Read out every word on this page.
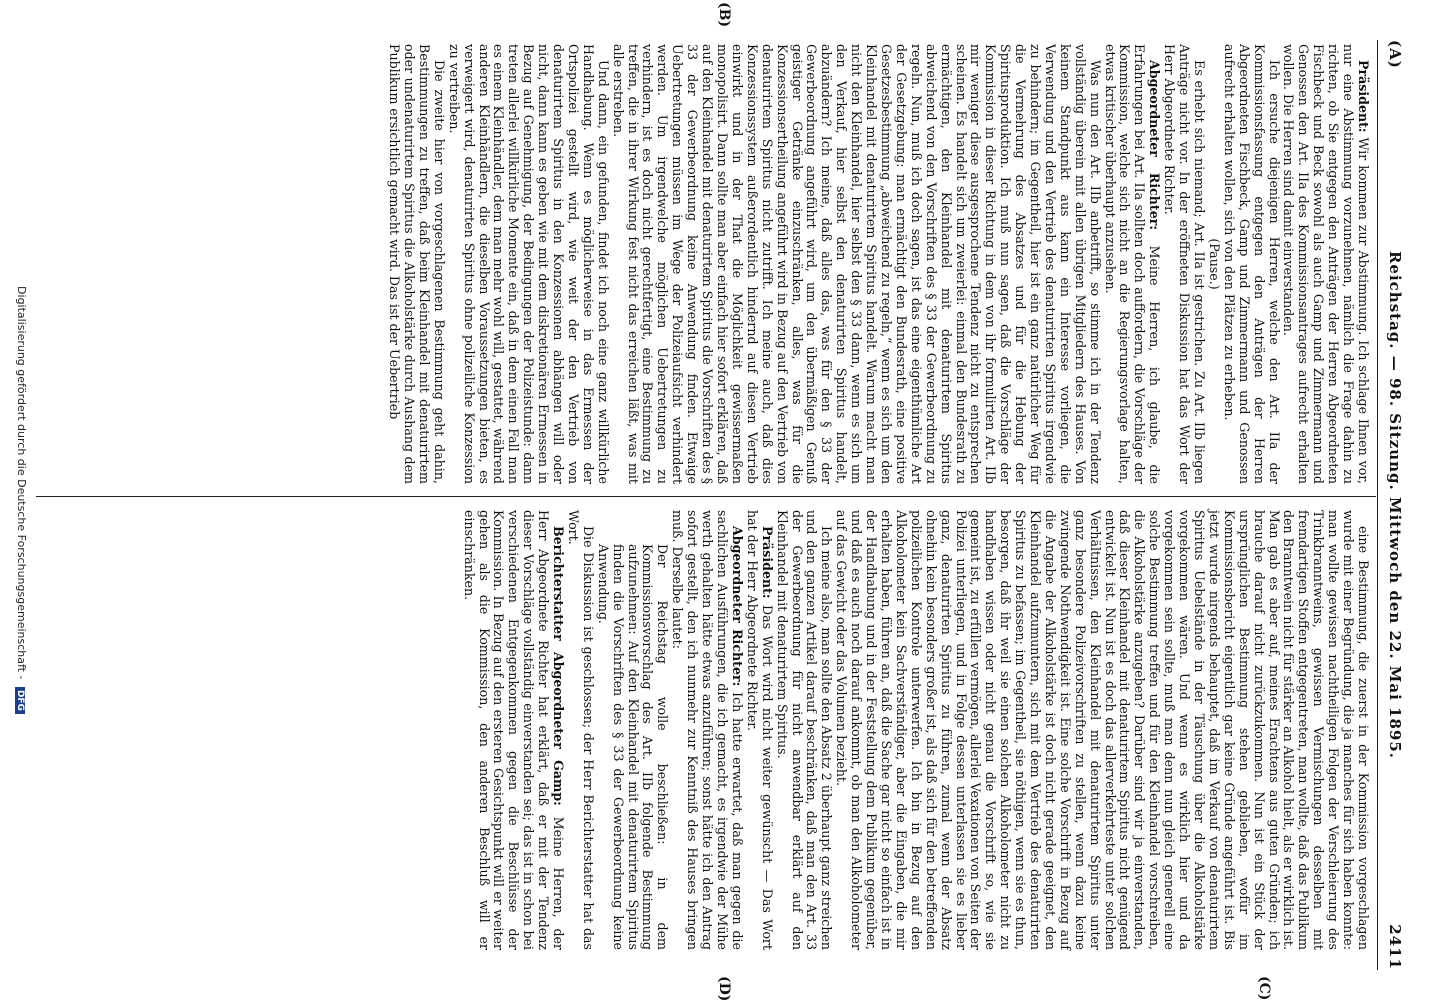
(A)
Reichstag. — 98. Sitzung. Mittwoch den 22. Mai 1895.
2411
(B)
(C)
(D)

Präsident: Wir kommen zur Abstimmung. Ich schlage Ihnen vor, nur eine Abstimmung vorzunehmen, nämlich die Frage dahin zu richten, ob Sie entgegen den Anträgen der Herren Abgeordneten Fischbeck und Beck sowohl als auch Gamp und Zimmermann und Genossen den Art. IIa des Kommissionsantrages aufrecht erhalten wollen. Die Herren sind damit einverstanden.

Ich ersuche diejenigen Herren, welche den Art. IIa der Kommissionsfassung entgegen den Anträgen der Herren Abgeordneten Fischbeck, Gamp und Zimmermann und Genossen aufrecht erhalten wollen, sich von den Plätzen zu erheben.

(Pause.)

Es erhebt sich niemand; Art. IIa ist gestrichen. Zu Art. IIb liegen Anträge nicht vor. In der eröffneten Diskussion hat das Wort der Herr Abgeordnete Richter.

Abgeordneter Richter: Meine Herren, ich glaube, die Erfahrungen bei Art. IIa sollten doch auffordern, die Vorschläge der Kommission, welche sich nicht an die Regierungsvorlage halten, etwas kritischer überhaupt anzusehen.

Was nun den Art. IIb anbetrifft, so stimme ich in der Tendenz vollständig überein mit allen übrigen Mitgliedern des Hauses. Von keinem Standpunkt aus kann ein Interesse vorliegen, die Verwendung und den Vertrieb des denaturirten Spiritus irgendwie zu behindern; im Gegentheil, hier ist ein ganz natürlicher Weg für die Vermehrung des Absatzes und für die Hebung der Spiritusproduktion. Ich muß nun sagen, daß die Vorschläge der Kommission in dieser Richtung in dem von ihr formulirten Art. IIb mir weniger diese ausgesprochene Tendenz nicht zu entsprechen scheinen. Es handelt sich um zweierlei: einmal den Bundesrath zu ermächtigen, den Kleinhandel mit denaturirtem Spiritus abweichend von den Vorschriften des § 33 der Gewerbeordnung zu regeln. Nun, muß ich doch sagen, ist das eine eigenthümliche Art der Gesetzgebung: man ermächtigt den Bundesrath, eine positive Gesetzesbestimmung „abweichend zu regeln,“ wenn es sich um den Kleinhandel mit denaturirtem Spiritus handelt. Warum macht man nicht den Kleinhandel, hier selbst den § 33 dann, wenn es sich um den Verkauf, hier selbst den denaturirten Spiritus handelt, abzuändern? Ich meine, daß alles das, was für den § 33 der Gewerbeordnung angeführt wird, um den übermäßigen Genuß geistiger Getränke einzuschränken, alles, was für die Konzessionsertheilung angeführt wird in Bezug auf den Vertrieb von denaturirtem Spiritus nicht zutrifft. Ich meine auch, daß dies Konzessionssystem außerordentlich hindernd auf diesen Vertrieb einwirkt und in der That die Möglichkeit gewissermaßen monopolisirt. Dann sollte man aber einfach hier sofort erklären, daß auf den Kleinhandel mit denaturirtem Spiritus die Vorschriften des § 33 der Gewerbeordnung keine Anwendung finden. Etwaige Uebertretungen müssen im Wege der Polizeiaufsicht verhindert werden. Um irgendwelche möglichen Uebertretungen zu verhindern, ist es doch nicht gerechtfertigt, eine Bestimmung zu treffen, die in ihrer Wirkung fest nicht das erreichen läßt, was mit alle erstreben.

Und dann, ein gefunden, findet ich noch eine ganz willkürliche Handhabung. Wenn es möglicherweise in das Ermessen der Ortspolizei gestellt wird, wie weit der den Vertrieb von denaturirtem Spiritus in den Konzessionen abhängen will oder nicht, dann kann es geben wie mit dem diskretionären Ermessen in Bezug auf Genehmigung, der Bedingungen der Polizeistunde: dann treten allerlei willkürliche Momente ein, daß in dem einen Fall man es einem Kleinhändler, dem man mehr wohl will, gestattet, während anderen Kleinhändlern, die dieselben Voraussetzungen bieten, es verweigert wird, denaturirten Spiritus ohne polizeiliche Konzession zu vertreiben.

Die zweite hier von vorgeschlagenen Bestimmung geht dahin, Bestimmungen zu treffen, daß beim Kleinhandel mit denaturirtem oder undenaturirtem Spiritus die Alkoholstärke durch Aushang dem Publikum ersichtlich gemacht wird. Das ist der Uebertrieb

eine Bestimmung, die zuerst in der Kommission vorgeschlagen wurde mit einer Begründung, die ja manches für sich haben konnte: man wollte gewissen nachtheiligen Folgen der Verschleierung des Trinkbranntweins, gewissen Vermischungen desselben mit fremdartigen Stoffen entgegentreten, man wollte, daß das Publikum den Branntwein nicht für stärker an Alkohol hielt, als er wirklich ist. Man gab es aber auf, meines Erachtens aus guten Gründen; ich brauche darauf nicht zurückzukommen. Nun ist ein Stück der ursprünglichen Bestimmung stehen geblieben, wofür im Kommissionsbericht eigentlich gar keine Gründe angeführt ist. Bis jetzt wurde nirgends behauptet, daß im Verkauf von denaturirtem Spiritus Uebelstände in der Täuschung über die Alkoholstärke vorgekommen wären. Und wenn es wirklich hier und da vorgekommen sein sollte, muß man denn nun gleich generell eine solche Bestimmung treffen und für den Kleinhandel vorschreiben, die Alkoholstärke anzugeben? Darüber sind wir ja einverstanden, daß dieser Kleinhandel mit denaturirtem Spiritus nicht genügend entwickelt ist. Nun ist es doch das allerverkehrteste unter solchen Verhältnissen, den Kleinhandel mit denaturirtem Spiritus unter ganz besondere Polizeivorschriften zu stellen, wenn dazu keine zwingende Nothwendigkeit ist. Eine solche Vorschrift in Bezug auf die Angabe der Alkoholstärke ist doch nicht gerade geeignet, den Kleinhandel aufzumuntern, sich mit dem Vertrieb des denaturirten Spiritus zu befassen; im Gegentheil, sie nöthigen, wenn sie es thun, besorgen, daß ihr weil sie einen solchen Alkoholometer nicht zu handhaben wissen oder nicht genau die Vorschrift so, wie sie gemeint ist, zu erfüllen vermögen, allerlei Vexationen von Seiten der Polizei unterliegen, und in Folge dessen unterlassen sie es lieber ganz, denaturirten Spiritus zu führen, zumal wenn der Absatz ohnehin kein besonders großer ist, als daß sich für den betreffenden polizeilichen Kontrole unterwerfen. Ich bin in Bezug auf den Alkoholometer kein Sachverständiger, aber die Eingaben, die mir erhalten haben, führen an, daß die Sache gar nicht so einfach ist in der Handhabung und in der Feststellung dem Publikum gegenüber, und daß es auch noch darauf ankommt, ob man den Alkoholometer auf das Gewicht oder das Volumen bezieht.

Ich meine also, man sollte den Absatz 2 überhaupt ganz streichen und den ganzen Artikel darauf beschränken, daß man den Art. 33 der Gewerbeordnung für nicht anwendbar erklärt auf den Kleinhandel mit denaturirtem Spiritus.

Präsident: Das Wort wird nicht weiter gewünscht — Das Wort hat der Herr Abgeordnete Richter.

Abgeordneter Richter: Ich hatte erwartet, daß man gegen die sachlichen Ausführungen, die ich gemacht, es irgendwie der Mühe werth gehalten hätte etwas anzuführen; sonst hätte ich den Antrag sofort gestellt, den ich nunmehr zur Kenntniß des Hauses bringen muß. Derselbe lautet:

Der Reichstag wolle beschließen: in dem Kommissionsvorschlag des Art. IIb folgende Bestimmung aufzunehmen: Auf den Kleinhandel mit denaturirtem Spiritus finden die Vorschriften des § 33 der Gewerbeordnung keine Anwendung.

Die Diskussion ist geschlossen; der Herr Berichterstatter hat das Wort.

Berichterstatter Abgeordneter Gamp: Meine Herren, der Herr Abgeordnete Richter hat erklärt, daß er mit der Tendenz dieser Vorschläge vollständig einverstanden sei; das ist in schon bei verschiedenen Entgegenkommen gegen die Beschlüsse der Kommission. In Bezug auf den ersteren Gesichtspunkt will er weiter gehen als die Kommission, den anderen Beschluß will er einschränken.

Digitalisierung gefördert durch die Deutsche Forschungsgemeinschaft - DFG
